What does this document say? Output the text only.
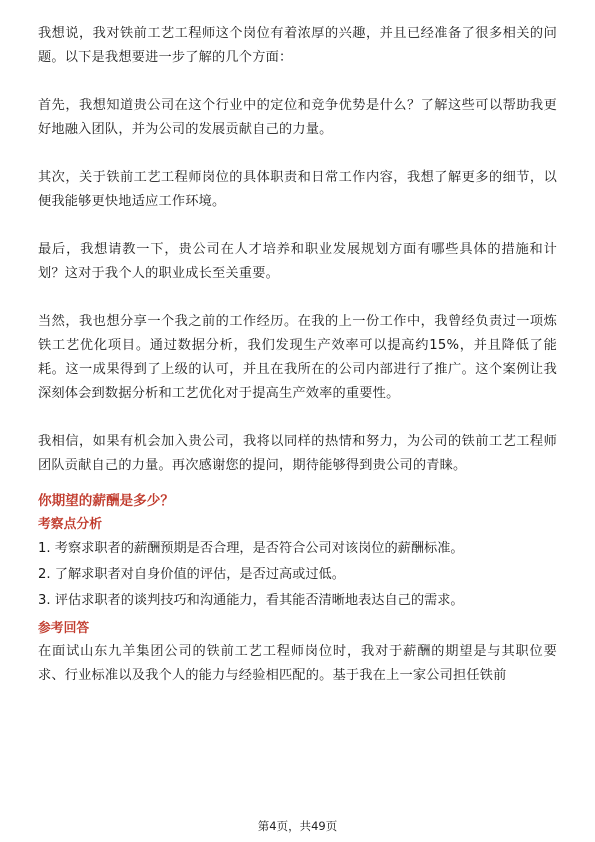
我想说，我对铁前工艺工程师这个岗位有着浓厚的兴趣，并且已经准备了很多相关的问题。以下是我想要进一步了解的几个方面：

首先，我想知道贵公司在这个行业中的定位和竞争优势是什么？了解这些可以帮助我更好地融入团队，并为公司的发展贡献自己的力量。

其次，关于铁前工艺工程师岗位的具体职责和日常工作内容，我想了解更多的细节，以便我能够更快地适应工作环境。

最后，我想请教一下，贵公司在人才培养和职业发展规划方面有哪些具体的措施和计划？这对于我个人的职业成长至关重要。

当然，我也想分享一个我之前的工作经历。在我的上一份工作中，我曾经负责过一项炼铁工艺优化项目。通过数据分析，我们发现生产效率可以提高约15%，并且降低了能耗。这一成果得到了上级的认可，并且在我所在的公司内部进行了推广。这个案例让我深刻体会到数据分析和工艺优化对于提高生产效率的重要性。

我相信，如果有机会加入贵公司，我将以同样的热情和努力，为公司的铁前工艺工程师团队贡献自己的力量。再次感谢您的提问，期待能够得到贵公司的青睐。

你期望的薪酬是多少？
考察点分析

1. 考察求职者的薪酬预期是否合理，是否符合公司对该岗位的薪酬标准。

2. 了解求职者对自身价值的评估，是否过高或过低。

3. 评估求职者的谈判技巧和沟通能力，看其能否清晰地表达自己的需求。

参考回答

在面试山东九羊集团公司的铁前工艺工程师岗位时，我对于薪酬的期望是与其职位要求、行业标准以及我个人的能力与经验相匹配的。基于我在上一家公司担任铁前

第4页，共49页
